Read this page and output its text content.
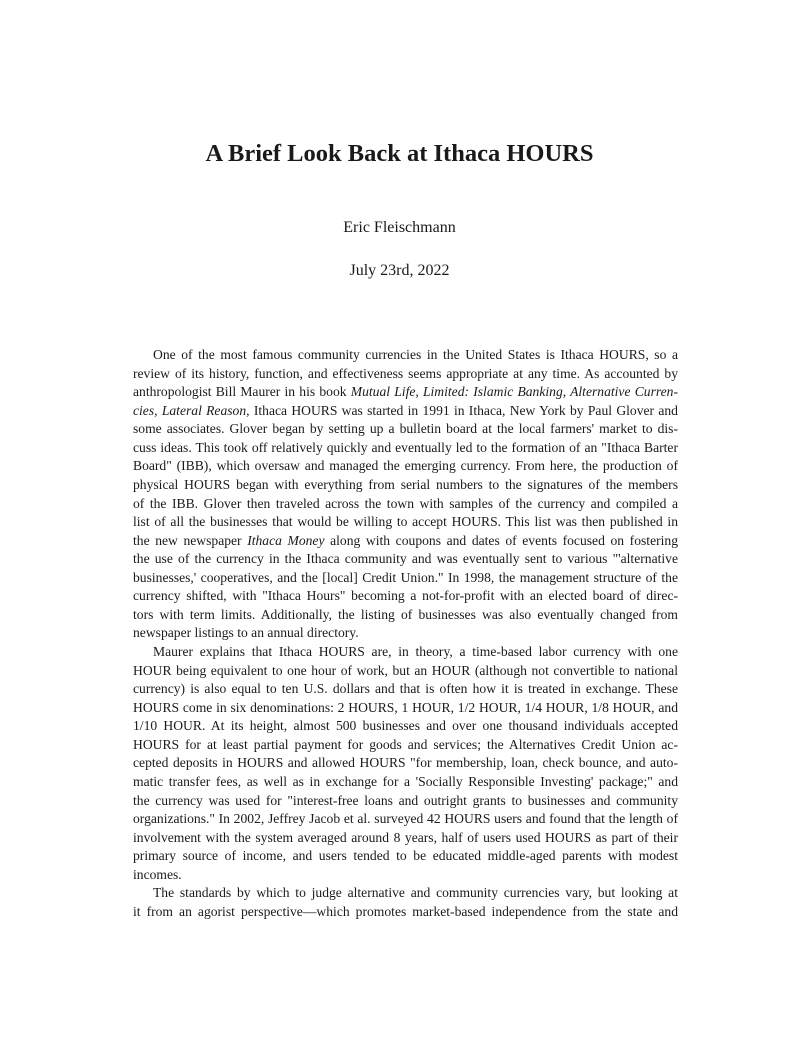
A Brief Look Back at Ithaca HOURS
Eric Fleischmann
July 23rd, 2022
One of the most famous community currencies in the United States is Ithaca HOURS, so a
review of its history, function, and effectiveness seems appropriate at any time. As accounted by
anthropologist Bill Maurer in his book Mutual Life, Limited: Islamic Banking, Alternative Curren-
cies, Lateral Reason, Ithaca HOURS was started in 1991 in Ithaca, New York by Paul Glover and
some associates. Glover began by setting up a bulletin board at the local farmers' market to dis-
cuss ideas. This took off relatively quickly and eventually led to the formation of an "Ithaca Barter
Board" (IBB), which oversaw and managed the emerging currency. From here, the production of
physical HOURS began with everything from serial numbers to the signatures of the members
of the IBB. Glover then traveled across the town with samples of the currency and compiled a
list of all the businesses that would be willing to accept HOURS. This list was then published in
the new newspaper Ithaca Money along with coupons and dates of events focused on fostering
the use of the currency in the Ithaca community and was eventually sent to various "'alternative
businesses,' cooperatives, and the [local] Credit Union." In 1998, the management structure of the
currency shifted, with "Ithaca Hours" becoming a not-for-profit with an elected board of direc-
tors with term limits. Additionally, the listing of businesses was also eventually changed from
newspaper listings to an annual directory.
Maurer explains that Ithaca HOURS are, in theory, a time-based labor currency with one
HOUR being equivalent to one hour of work, but an HOUR (although not convertible to national
currency) is also equal to ten U.S. dollars and that is often how it is treated in exchange. These
HOURS come in six denominations: 2 HOURS, 1 HOUR, 1/2 HOUR, 1/4 HOUR, 1/8 HOUR, and
1/10 HOUR. At its height, almost 500 businesses and over one thousand individuals accepted
HOURS for at least partial payment for goods and services; the Alternatives Credit Union ac-
cepted deposits in HOURS and allowed HOURS "for membership, loan, check bounce, and auto-
matic transfer fees, as well as in exchange for a 'Socially Responsible Investing' package;" and
the currency was used for "interest-free loans and outright grants to businesses and community
organizations." In 2002, Jeffrey Jacob et al. surveyed 42 HOURS users and found that the length of
involvement with the system averaged around 8 years, half of users used HOURS as part of their
primary source of income, and users tended to be educated middle-aged parents with modest
incomes.
The standards by which to judge alternative and community currencies vary, but looking at
it from an agorist perspective—which promotes market-based independence from the state and
